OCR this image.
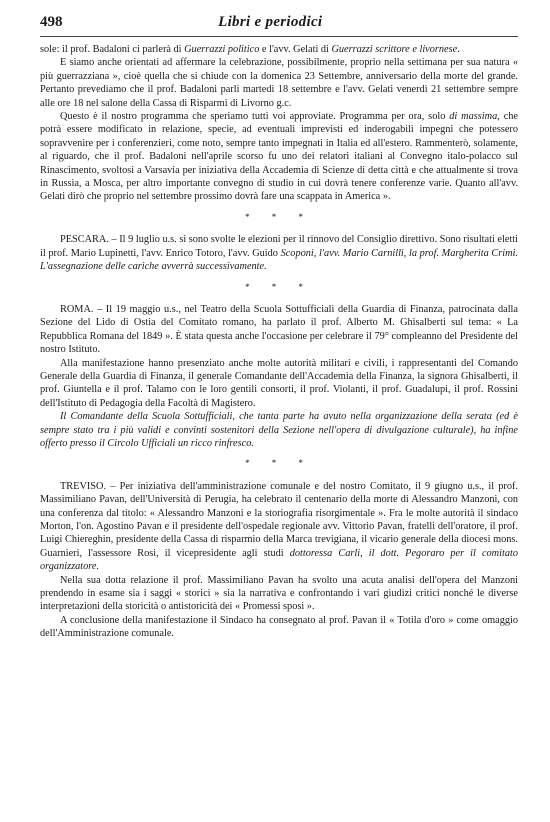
498	Libri e periodici

sole: il prof. Badaloni ci parlerà di Guerrazzi politico e l'avv. Gelati di Guerrazzi scrittore e livornese.

E siamo anche orientati ad affermare la celebrazione, possibilmente, proprio nella settimana per sua natura « più guerrazziana », cioè quella che si chiude con la domenica 23 Settembre, anniversario della morte del grande. Pertanto prevediamo che il prof. Badaloni parli martedì 18 settembre e l'avv. Gelati venerdì 21 settembre sempre alle ore 18 nel salone della Cassa di Risparmi di Livorno g.c.

Questo è il nostro programma che speriamo tutti voi approviate. Programma per ora, solo di massima, che potrà essere modificato in relazione, specie, ad eventuali imprevisti ed inderogabili impegni che potessero sopravvenire per i conferenzieri, come noto, sempre tanto impegnati in Italia ed all'estero. Rammenterò, solamente, al riguardo, che il prof. Badaloni nell'aprile scorso fu uno dei relatori italiani al Convegno italo-polacco sul Rinascimento, svoltosi a Varsavia per iniziativa della Accademia di Scienze di detta città e che attualmente si trova in Russia, a Mosca, per altro importante convegno di studio in cui dovrà tenere conferenze varie. Quanto all'avv. Gelati dirò che proprio nel settembre prossimo dovrà fare una scappata in America ».

* * *

PESCARA. – Il 9 luglio u.s. si sono svolte le elezioni per il rinnovo del Consiglio direttivo. Sono risultati eletti il prof. Mario Lupinetti, l'avv. Enrico Totoro, l'avv. Guido Scoponi, l'avv. Mario Carnilli, la prof. Margherita Crimi. L'assegnazione delle cariche avverrà successivamente.

* * *

ROMA. – Il 19 maggio u.s., nel Teatro della Scuola Sottufficiali della Guardia di Finanza, patrocinata dalla Sezione del Lido di Ostia del Comitato romano, ha parlato il prof. Alberto M. Ghisalberti sul tema: « La Repubblica Romana del 1849 ». È stata questa anche l'occasione per celebrare il 79° compleanno del Presidente del nostro Istituto.

Alla manifestazione hanno presenziato anche molte autorità militari e civili, i rappresentanti del Comando Generale della Guardia di Finanza, il generale Comandante dell'Accademia della Finanza, la signora Ghisalberti, il prof. Giuntella e il prof. Talamo con le loro gentili consorti, il prof. Violanti, il prof. Guadalupi, il prof. Rossini dell'Istituto di Pedagogia della Facoltà di Magistero.

Il Comandante della Scuola Sottufficiali, che tanta parte ha avuto nella organizzazione della serata (ed è sempre stato tra i più validi e convinti sostenitori della Sezione nell'opera di divulgazione culturale), ha infine offerto presso il Circolo Ufficiali un ricco rinfresco.

* * *

TREVISO. – Per iniziativa dell'amministrazione comunale e del nostro Comitato, il 9 giugno u.s., il prof. Massimiliano Pavan, dell'Università di Perugia, ha celebrato il centenario della morte di Alessandro Manzoni, con una conferenza dal titolo: « Alessandro Manzoni e la storiografia risorgimentale ». Fra le molte autorità il sindaco Morton, l'on. Agostino Pavan e il presidente dell'ospedale regionale avv. Vittorio Pavan, fratelli dell'oratore, il prof. Luigi Chiereghin, presidente della Cassa di risparmio della Marca trevigiana, il vicario generale della diocesi mons. Guarnieri, l'assessore Rosi, il vicepresidente agli studi dottoressa Carli, il dott. Pegoraro per il comitato organizzatore.

Nella sua dotta relazione il prof. Massimiliano Pavan ha svolto una acuta analisi dell'opera del Manzoni prendendo in esame sia i saggi « storici » sia la narrativa e confrontando i vari giudizi critici nonché le diverse interpretazioni della storicità o antistoricità dei « Promessi sposi ».

A conclusione della manifestazione il Sindaco ha consegnato al prof. Pavan il « Totila d'oro » come omaggio dell'Amministrazione comunale.
